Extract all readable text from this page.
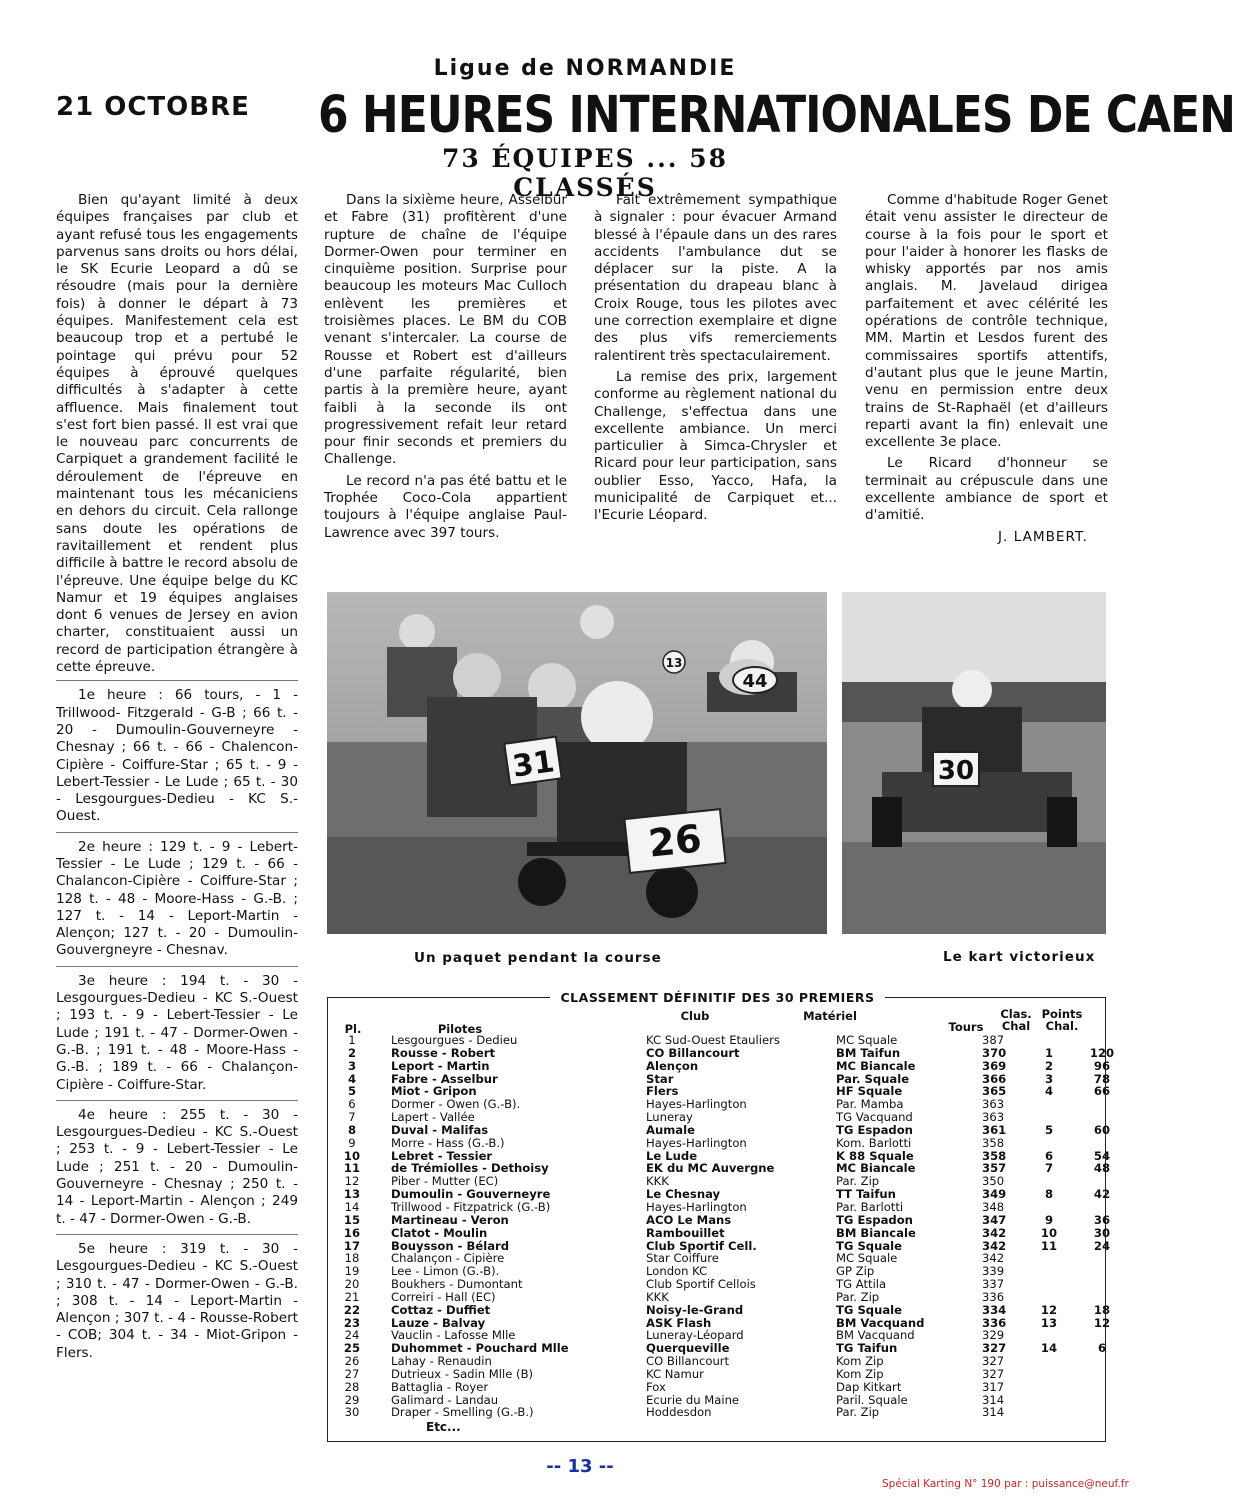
Ligue de NORMANDIE
21 OCTOBRE 6 HEURES INTERNATIONALES DE CAEN
73 ÉQUIPES ... 58 CLASSÉS

Bien qu'ayant limité à deux équipes françaises par club et ayant refusé tous les engagements parvenus sans droits ou hors délai, le SK Ecurie Leopard a dû se résoudre (mais pour la dernière fois) à donner le départ à 73 équipes. Manifestement cela est beaucoup trop et a pertubé le pointage qui prévu pour 52 équipes à éprouvé quelques difficultés à s'adapter à cette affluence. Mais finalement tout s'est fort bien passé. Il est vrai que le nouveau parc concurrents de Carpiquet a grandement facilité le déroulement de l'épreuve en maintenant tous les mécaniciens en dehors du circuit. Cela rallonge sans doute les opérations de ravitaillement et rendent plus difficile à battre le record absolu de l'épreuve. Une équipe belge du KC Namur et 19 équipes anglaises dont 6 venues de Jersey en avion charter, constituaient aussi un record de participation étrangère à cette épreuve.

1e heure : 66 tours, - 1 - Trillwood- Fitzgerald - G-B ; 66 t. - 20 - Dumoulin-Gouverneyre - Chesnay ; 66 t. - 66 - Chalencon-Cipière - Coiffure-Star ; 65 t. - 9 - Lebert-Tessier - Le Lude ; 65 t. - 30 - Lesgourgues-Dedieu - KC S.-Ouest.

2e heure : 129 t. - 9 - Lebert-Tessier - Le Lude ; 129 t. - 66 - Chalancon-Cipière - Coiffure-Star ; 128 t. - 48 - Moore-Hass - G.-B. ; 127 t. - 14 - Leport-Martin - Alençon; 127 t. - 20 - Dumoulin-Gouvergneyre - Chesnav.

3e heure : 194 t. - 30 - Lesgourgues-Dedieu - KC S.-Ouest ; 193 t. - 9 - Lebert-Tessier - Le Lude ; 191 t. - 47 - Dormer-Owen - G.-B. ; 191 t. - 48 - Moore-Hass - G.-B. ; 189 t. - 66 - Chalançon-Cipière - Coiffure-Star.

4e heure : 255 t. - 30 - Lesgourgues-Dedieu - KC S.-Ouest ; 253 t. - 9 - Lebert-Tessier - Le Lude ; 251 t. - 20 - Dumoulin-Gouverneyre - Chesnay ; 250 t. - 14 - Leport-Martin - Alençon ; 249 t. - 47 - Dormer-Owen - G.-B.

5e heure : 319 t. - 30 - Lesgourgues-Dedieu - KC S.-Ouest ; 310 t. - 47 - Dormer-Owen - G.-B. ; 308 t. - 14 - Leport-Martin - Alençon ; 307 t. - 4 - Rousse-Robert - COB; 304 t. - 34 - Miot-Gripon - Flers.

Dans la sixième heure, Asselbur et Fabre (31) profitèrent d'une rupture de chaîne de l'équipe Dormer-Owen pour terminer en cinquième position. Surprise pour beaucoup les moteurs Mac Culloch enlèvent les premières et troisièmes places. Le BM du COB venant s'intercaler. La course de Rousse et Robert est d'ailleurs d'une parfaite régularité, bien partis à la première heure, ayant faibli à la seconde ils ont progressivement refait leur retard pour finir seconds et premiers du Challenge.

Le record n'a pas été battu et le Trophée Coco-Cola appartient toujours à l'équipe anglaise Paul-Lawrence avec 397 tours.

Fait extrêmement sympathique à signaler : pour évacuer Armand blessé à l'épaule dans un des rares accidents l'ambulance dut se déplacer sur la piste. A la présentation du drapeau blanc à Croix Rouge, tous les pilotes avec une correction exemplaire et digne des plus vifs remerciements ralentirent très spectaculairement.

La remise des prix, largement conforme au règlement national du Challenge, s'effectua dans une excellente ambiance. Un merci particulier à Simca-Chrysler et Ricard pour leur participation, sans oublier Esso, Yacco, Hafa, la municipalité de Carpiquet et... l'Ecurie Léopard.

Comme d'habitude Roger Genet était venu assister le directeur de course à la fois pour le sport et pour l'aider à honorer les flasks de whisky apportés par nos amis anglais. M. Javelaud dirigea parfaitement et avec célérité les opérations de contrôle technique, MM. Martin et Lesdos furent des commissaires sportifs attentifs, d'autant plus que le jeune Martin, venu en permission entre deux trains de St-Raphaël (et d'ailleurs reparti avant la fin) enlevait une excellente 3e place.

Le Ricard d'honneur se terminait au crépuscule dans une excellente ambiance de sport et d'amitié.

J. LAMBERT.
31
26
44
13
30
Un paquet pendant la course	Le kart victorieux
CLASSEMENT DÉFINITIF DES 30 PREMIERS
Pl.	Pilotes
Club	Matériel
Tours
Clas. Chal
Points Chal.
1	Lesgourgues - Dedieu	KC Sud-Ouest Etauliers	MC Squale	387		
2	Rousse - Robert	CO Billancourt	BM Taifun	370	1	120
3	Leport - Martin	Alençon	MC Biancale	369	2	96
4	Fabre - Asselbur	Star	Par. Squale	366	3	78
5	Miot - Gripon	Flers	HF Squale	365	4	66
6	Dormer - Owen (G.-B).	Hayes-Harlington	Par. Mamba	363		
7	Lapert - Vallée	Luneray	TG Vacquand	363		
8	Duval - Malifas	Aumale	TG Espadon	361	5	60
9	Morre - Hass (G.-B.)	Hayes-Harlington	Kom. Barlotti	358		
10	Lebret - Tessier	Le Lude	K 88 Squale	358	6	54
11	de Trémiolles - Dethoisy	EK du MC Auvergne	MC Biancale	357	7	48
12	Piber - Mutter (EC)	KKK	Par. Zip	350		
13	Dumoulin - Gouverneyre	Le Chesnay	TT Taifun	349	8	42
14	Trillwood - Fitzpatrick (G.-B)	Hayes-Harlington	Par. Barlotti	348		
15	Martineau - Veron	ACO Le Mans	TG Espadon	347	9	36
16	Clatot - Moulin	Rambouillet	BM Biancale	342	10	30
17	Bouysson - Bélard	Club Sportif Cell.	TG Squale	342	11	24
18	Chalançon - Cipière	Star Coiffure	MC Squale	342		
19	Lee - Limon (G.-B).	London KC	GP Zip	339		
20	Boukhers - Dumontant	Club Sportif Cellois	TG Attila	337		
21	Correiri - Hall (EC)	KKK	Par. Zip	336		
22	Cottaz - Duffiet	Noisy-le-Grand	TG Squale	334	12	18
23	Lauze - Balvay	ASK Flash	BM Vacquand	336	13	12
24	Vauclin - Lafosse Mlle	Luneray-Léopard	BM Vacquand	329		
25	Duhommet - Pouchard Mlle	Querqueville	TG Taifun	327	14	6
26	Lahay - Renaudin	CO Billancourt	Kom Zip	327		
27	Dutrieux - Sadin Mlle (B)	KC Namur	Kom Zip	327		
28	Battaglia - Royer	Fox	Dap Kitkart	317		
29	Galimard - Landau	Ecurie du Maine	Paril. Squale	314		
30	Draper - Smelling (G.-B.)	Hoddesdon	Par. Zip	314		
Etc...
-- 13 --
Spécial Karting N° 190 par : puissance@neuf.fr
